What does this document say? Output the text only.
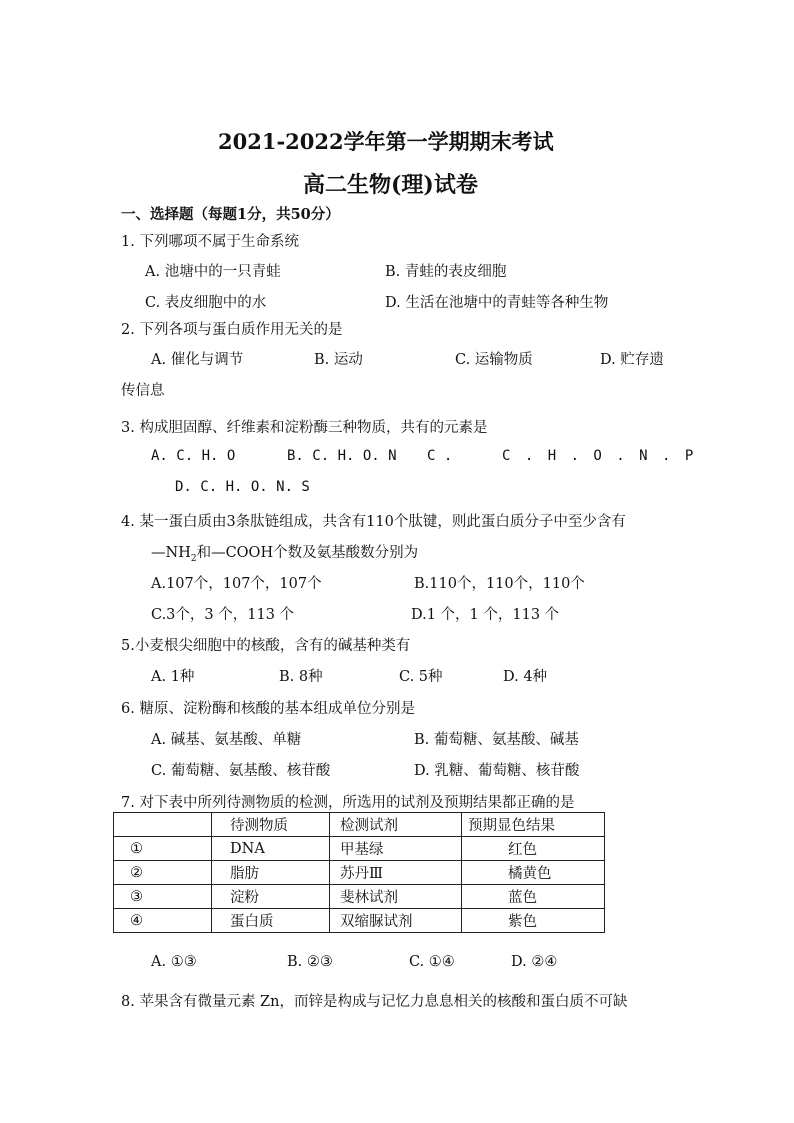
2021-2022学年第一学期期末考试
高二生物(理)试卷
一、选择题（每题1分，共50分）
1. 下列哪项不属于生命系统
A. 池塘中的一只青蛙	B. 青蛙的表皮细胞
C. 表皮细胞中的水	D. 生活在池塘中的青蛙等各种生物
2. 下列各项与蛋白质作用无关的是
A. 催化与调节	B. 运动	C. 运输物质	D. 贮存遗
传信息
3. 构成胆固醇、纤维素和淀粉酶三种物质，共有的元素是
A. C. H. O	B. C. H. O. N C .	C . H . O . N . P
D. C. H. O. N. S
4. 某一蛋白质由3条肽链组成，共含有110个肽键，则此蛋白质分子中至少含有
$—NH_2$和—COOH个数及氨基酸数分别为
A.107个，107个，107个	B.110个，110个，110个
C.3个，3 个，113 个	D.1 个，1 个，113 个
5.小麦根尖细胞中的核酸，含有的碱基种类有
A. 1种	B. 8种	C. 5种	D. 4种
6. 糖原、淀粉酶和核酸的基本组成单位分别是
A. 碱基、氨基酸、单糖	B. 葡萄糖、氨基酸、碱基
C. 葡萄糖、氨基酸、核苷酸	D. 乳糖、葡萄糖、核苷酸
7. 对下表中所列待测物质的检测，所选用的试剂及预期结果都正确的是
	待测物质	检测试剂	预期显色结果
①	DNA	甲基绿	红色
②	脂肪	苏丹Ⅲ	橘黄色
③	淀粉	斐林试剂	蓝色
④	蛋白质	双缩脲试剂	紫色
A. ①③	B. ②③	C. ①④	D. ②④
8. 苹果含有微量元素 Zn，而锌是构成与记忆力息息相关的核酸和蛋白质不可缺
